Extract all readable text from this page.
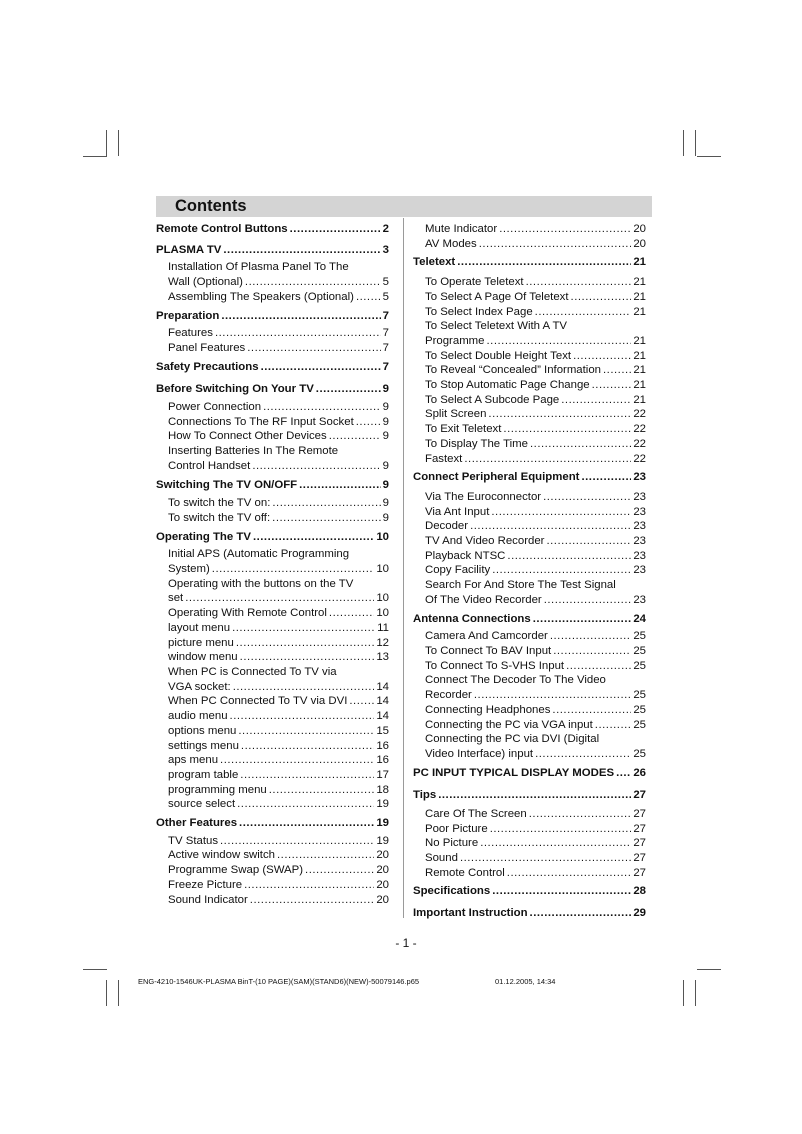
Contents
Remote Control Buttons .....	2
PLASMA TV .....	3
Installation Of Plasma Panel To The
Wall (Optional) .....	5
Assembling The Speakers (Optional) .....	5
Preparation .....	7
Features .....	7
Panel Features .....	7
Safety Precautions .....	7
Before Switching On Your TV .....	9
Power Connection .....	9
Connections To The RF Input Socket .....	9
How To Connect Other Devices .....	9
Inserting Batteries In The Remote
Control Handset .....	9
Switching The TV ON/OFF .....	9
To switch the TV on: .....	9
To switch the TV off: .....	9
Operating The TV .....	10
Initial APS (Automatic Programming
System) .....	10
Operating with the buttons on the TV
set .....	10
Operating With Remote Control .....	10
layout menu .....	11
picture menu .....	12
window menu .....	13
When PC is Connected To TV via
VGA socket: .....	14
When PC Connected To TV via DVI .....	14
audio menu .....	14
options menu .....	15
settings menu .....	16
aps menu .....	16
program table .....	17
programming menu .....	18
source select .....	19
Other Features .....	19
TV Status .....	19
Active window switch .....	20
Programme Swap (SWAP) .....	20
Freeze Picture .....	20
Sound Indicator .....	20
Mute Indicator .....	20
AV Modes .....	20
Teletext .....	21
To Operate Teletext .....	21
To Select A Page Of Teletext .....	21
To Select Index Page .....	21
To Select Teletext With A TV
Programme .....	21
To Select Double Height Text .....	21
To Reveal “Concealed” Information .....	21
To Stop Automatic Page Change .....	21
To Select A Subcode Page .....	21
Split Screen .....	22
To Exit Teletext .....	22
To Display The Time .....	22
Fastext .....	22
Connect Peripheral Equipment .....	23
Via The Euroconnector .....	23
Via Ant Input .....	23
Decoder .....	23
TV And Video Recorder .....	23
Playback NTSC .....	23
Copy Facility .....	23
Search For And Store The Test Signal
Of The Video Recorder .....	23
Antenna Connections .....	24
Camera And Camcorder .....	25
To Connect To BAV Input .....	25
To Connect To S-VHS Input .....	25
Connect The Decoder To The Video
Recorder .....	25
Connecting Headphones .....	25
Connecting the PC via VGA input .....	25
Connecting the PC via DVI (Digital
Video Interface) input .....	25
PC INPUT TYPICAL DISPLAY MODES ..... 26
Tips .....	27
Care Of The Screen .....	27
Poor Picture .....	27
No Picture .....	27
Sound .....	27
Remote Control .....	27
Specifications .....	28
Important Instruction .....	29
- 1 -
ENG-4210-1546UK-PLASMA BinT-(10 PAGE)(SAM)(STAND6)(NEW)-50079146.p65	01.12.2005, 14:34
